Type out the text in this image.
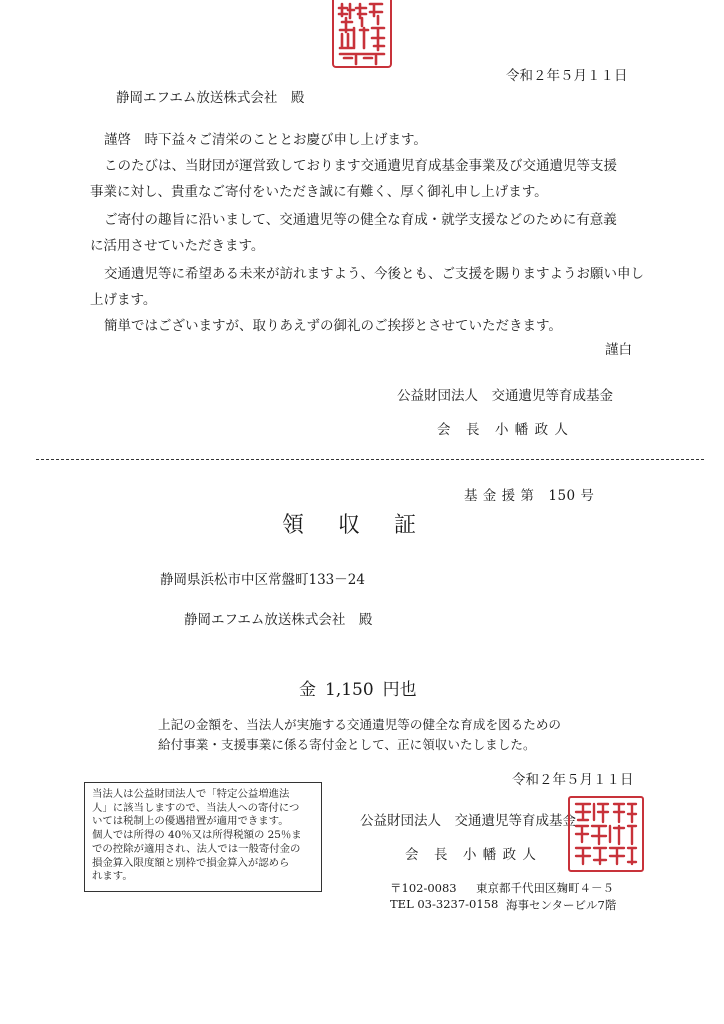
令和２年５月１１日
静岡エフエム放送株式会社　殿
謹啓　時下益々ご清栄のこととお慶び申し上げます。
このたびは、当財団が運営致しております交通遺児育成基金事業及び交通遺児等支援
事業に対し、貴重なご寄付をいただき誠に有難く、厚く御礼申し上げます。
ご寄付の趣旨に沿いまして、交通遺児等の健全な育成・就学支援などのために有意義
に活用させていただきます。
交通遺児等に希望ある未来が訪れますよう、今後とも、ご支援を賜りますようお願い申し
上げます。
簡単ではございますが、取りあえずの御礼のご挨拶とさせていただきます。
謹白
公益財団法人　交通遺児等育成基金
会　長　小 幡 政 人
基 金 援 第　150 号
領収証
静岡県浜松市中区常盤町133－24
静岡エフエム放送株式会社　殿
金 1,150 円也
上記の金額を、当法人が実施する交通遺児等の健全な育成を図るための
給付事業・支援事業に係る寄付金として、正に領収いたしました。
令和２年５月１１日
当法人は公益財団法人で「特定公益増進法
人」に該当しますので、当法人への寄付につ
いては税制上の優遇措置が適用できます。
個人では所得の 40％又は所得税額の 25％ま
での控除が適用され、法人では一般寄付金の
損金算入限度額と別枠で損金算入が認めら
れます。
公益財団法人　交通遺児等育成基金
会　長　小 幡 政 人
〒102-0083 東京都千代田区麹町４－５
TEL 03-3237-0158 海事センタービル7階
